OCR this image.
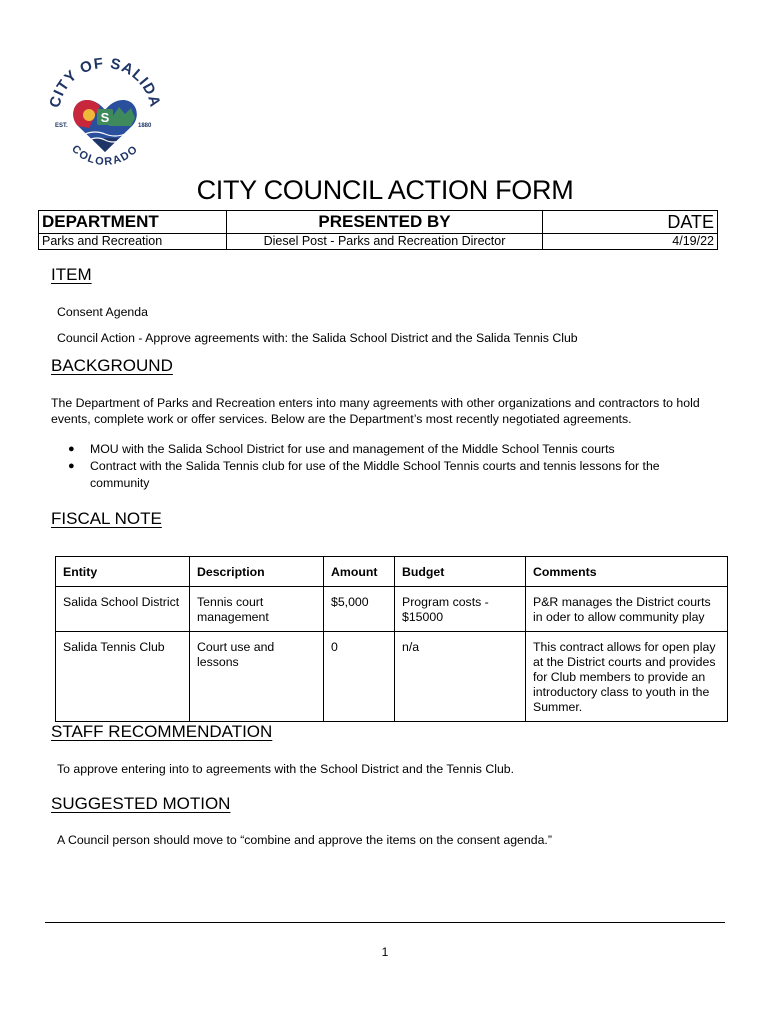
CITY OF SALIDA
COLORADO
EST.	1880
S
CITY COUNCIL ACTION FORM
DEPARTMENT	PRESENTED BY	DATE
Parks and Recreation	Diesel Post - Parks and Recreation Director	4/19/22
ITEM
Consent Agenda
Council Action - Approve agreements with: the Salida School District and the Salida Tennis Club
BACKGROUND
The Department of Parks and Recreation enters into many agreements with other organizations and contractors to hold events, complete work or offer services. Below are the Department’s most recently negotiated agreements.
● MOU with the Salida School District for use and management of the Middle School Tennis courts
● Contract with the Salida Tennis club for use of the Middle School Tennis courts and tennis lessons for the community
FISCAL NOTE
Entity	Description	Amount	Budget	Comments
Salida School District	Tennis court management	$5,000	Program costs - $15000	P&R manages the District courts in oder to allow community play
Salida Tennis Club	Court use and lessons	0	n/a	This contract allows for open play at the District courts and provides for Club members to provide an introductory class to youth in the Summer.
STAFF RECOMMENDATION
To approve entering into to agreements with the School District and the Tennis Club.
SUGGESTED MOTION
A Council person should move to “combine and approve the items on the consent agenda.”
1
